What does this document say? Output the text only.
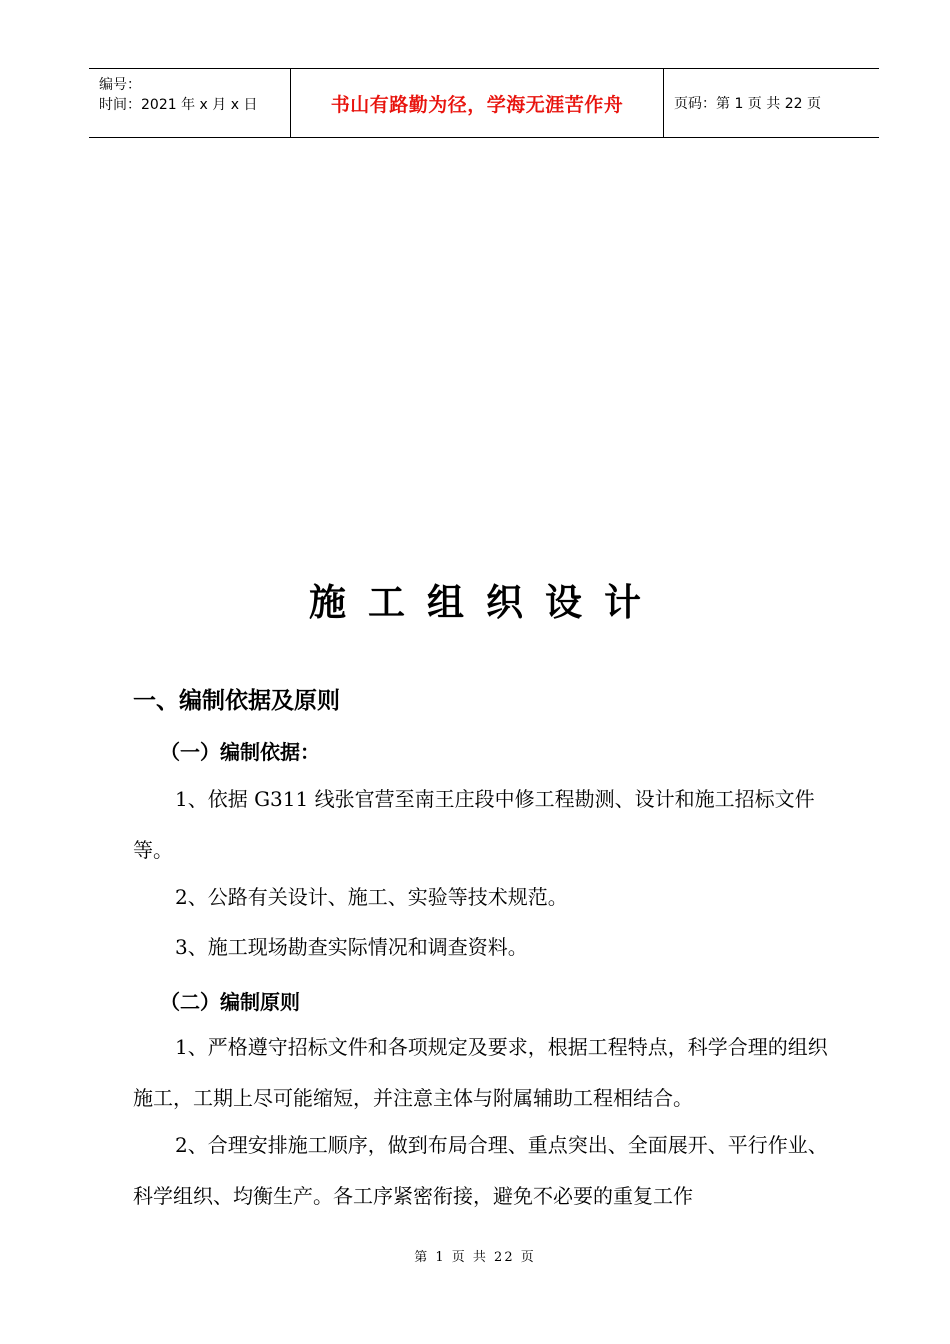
编号：
时间：2021 年 x 月 x 日	书山有路勤为径，学海无涯苦作舟	页码：第 1 页 共 22 页
施工组织设计
一、编制依据及原则
（一）编制依据：
1、依据 G311 线张官营至南王庄段中修工程勘测、设计和施工招标文件等。
2、公路有关设计、施工、实验等技术规范。
3、施工现场勘查实际情况和调查资料。
（二）编制原则
1、严格遵守招标文件和各项规定及要求，根据工程特点，科学合理的组织施工，工期上尽可能缩短，并注意主体与附属辅助工程相结合。
2、合理安排施工顺序，做到布局合理、重点突出、全面展开、平行作业、科学组织、均衡生产。各工序紧密衔接，避免不必要的重复工作
第 1 页 共 22 页
